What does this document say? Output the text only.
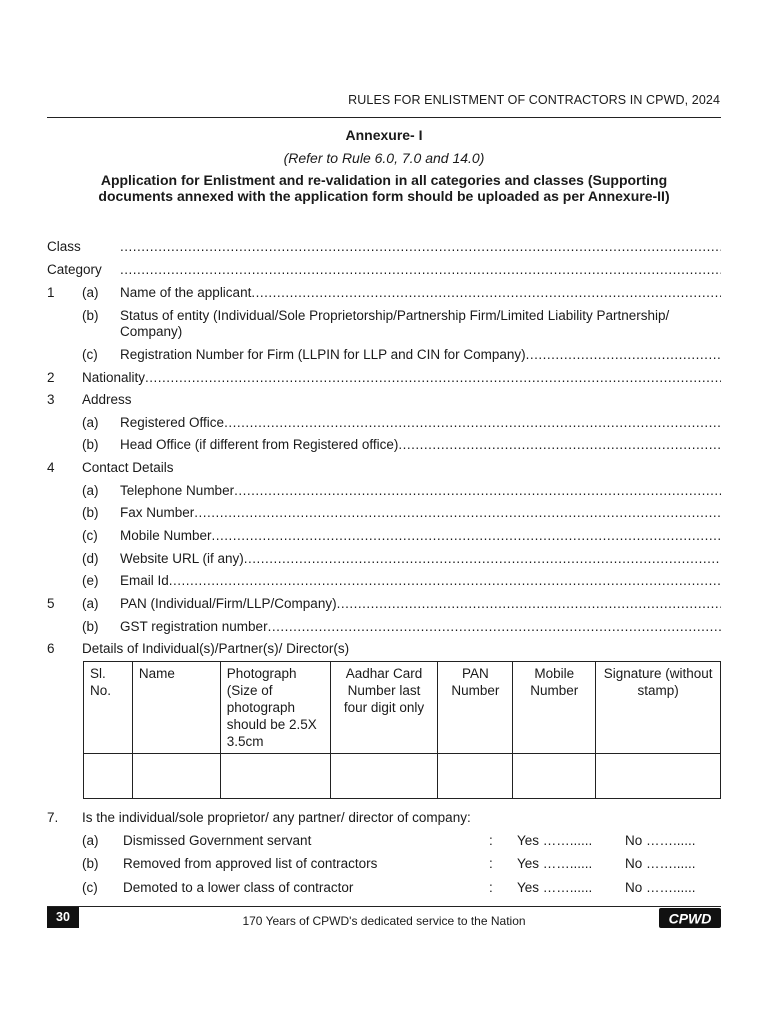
RULES FOR ENLISTMENT OF CONTRACTORS IN CPWD, 2024
Annexure- I
(Refer to Rule 6.0, 7.0 and 14.0)
Application for Enlistment and re-validation in all categories and classes (Supporting documents annexed with the application form should be uploaded as per Annexure-II)
Class
.....
Category
.....
1 (a) Name of the applicant
.....
(b) Status of entity (Individual/Sole Proprietorship/Partnership Firm/Limited Liability Partnership/ Company)
(c) Registration Number for Firm (LLPIN for LLP and CIN for Company)
.....
2 Nationality
.....
3 Address
(a) Registered Office
.....
(b) Head Office (if different from Registered office)
.....
4 Contact Details
(a) Telephone Number
.....
(b) Fax Number
.....
(c) Mobile Number
.....
(d) Website URL (if any)
.....
(e) Email Id
.....
5 (a) PAN (Individual/Firm/LLP/Company)
.....
(b) GST registration number
.....
6 Details of Individual(s)/Partner(s)/ Director(s)
Sl. No.	Name	Photograph (Size of photograph should be 2.5X 3.5cm	Aadhar Card Number last four digit only	PAN Number	Mobile Number	Signature (without stamp)

7. Is the individual/sole proprietor/ any partner/ director of company:
(a) Dismissed Government servant	: Yes ……...... No ……......
(b) Removed from approved list of contractors	: Yes ……...... No ……......
(c) Demoted to a lower class of contractor	: Yes ……...... No ……......
30	170 Years of CPWD's dedicated service to the Nation	CPWD
